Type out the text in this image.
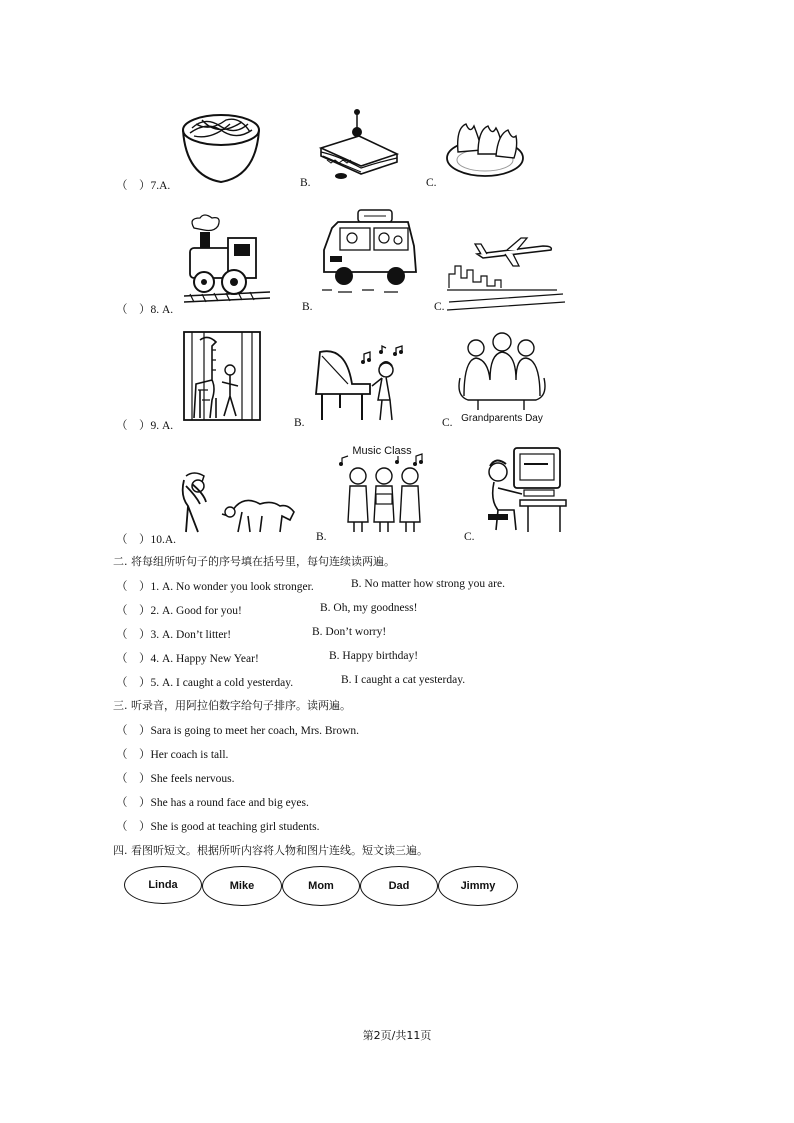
（　）7.A.	B.	C.
（　）8. A.	B.	C.
（　）9. A.	B.	C. Grandparents Day
（　）10.A.	B.	C.
Music Class
二. 将每组所听句子的序号填在括号里，每句连续读两遍。
（　）1. A. No wonder you look stronger.	B. No matter how strong you are.
（　）2. A. Good for you!	B. Oh, my goodness!
（　）3. A. Don’t litter!	B. Don’t worry!
（　）4. A. Happy New Year!	B. Happy birthday!
（　）5. A. I caught a cold yesterday.	B. I caught a cat yesterday.
三. 听录音，用阿拉伯数字给句子排序。读两遍。
（　）Sara is going to meet her coach, Mrs. Brown.
（　）Her coach is tall.
（　）She feels nervous.
（　）She has a round face and big eyes.
（　）She is good at teaching girl students.
四. 看图听短文。根据所听内容将人物和图片连线。短文读三遍。
Linda	Mike	Mom	Dad	Jimmy
第2页/共11页
